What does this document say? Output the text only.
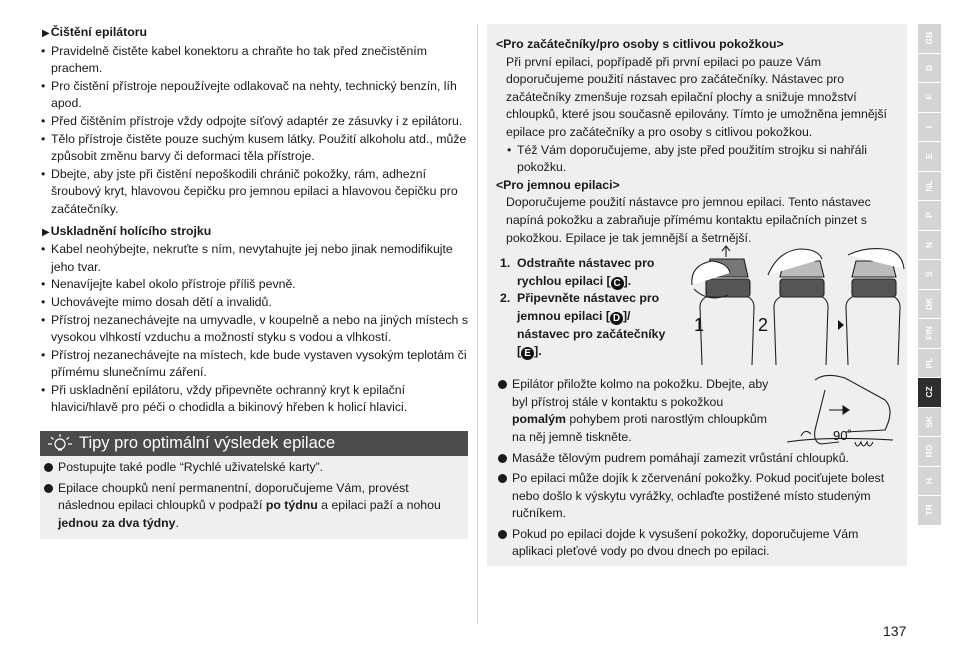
▶Čištění epilátoru
• Pravidelně čistěte kabel konektoru a chraňte ho tak před znečistěním prachem.
• Pro čistění přístroje nepoužívejte odlakovač na nehty, technický benzín, líh apod.
• Před čištěním přístroje vždy odpojte síťový adaptér ze zásuvky i z epilátoru.
• Tělo přístroje čistěte pouze suchým kusem látky. Použití alkoholu atd., může způsobit změnu barvy či deformaci těla přístroje.
• Dbejte, aby jste při čistění nepoškodili chránič pokožky, rám, adhezní šroubový kryt, hlavovou čepičku pro jemnou epilaci a hlavovou čepičku pro začátečníky.
▶Uskladnění holícího strojku
• Kabel neohýbejte, nekruťte s ním, nevytahujte jej nebo jinak nemodifikujte jeho tvar.
• Nenavíjejte kabel okolo přístroje příliš pevně.
• Uchovávejte mimo dosah dětí a invalidů.
• Přístroj nezanechávejte na umyvadle, v koupelně a nebo na jiných místech s vysokou vlhkostí vzduchu a možností styku s vodou a vlhkostí.
• Přístroj nezanechávejte na místech, kde bude vystaven vysokým teplotám či přímému slunečnímu záření.
• Při uskladnění epilátoru, vždy připevněte ochranný kryt k epilační hlavici/hlavě pro péči o chodidla a bikinový hřeben k holicí hlavici.
Tipy pro optimální výsledek epilace
Postupujte také podle “Rychlé uživatelské karty”.
Epilace choupků není permanentní, doporučujeme Vám, provést následnou epilaci chloupků v podpaží po týdnu a epilaci paží a nohou jednou za dva týdny.

<Pro začátečníky/pro osoby s citlivou pokožkou>

Při první epilaci, popřípadě při první epilaci po pauze Vám doporučujeme použití nástavec pro začátečníky. Nástavec pro začátečníky zmenšuje rozsah epilační plochy a snižuje množství chloupků, které jsou současně epilovány. Tímto je umožněna jemnější epilace pro začátečníky a pro osoby s citlivou pokožkou.

• Též Vám doporučujeme, aby jste před použitím strojku si nahřáli pokožku.

<Pro jemnou epilaci>

Doporučujeme použití nástavce pro jemnou epilaci. Tento nástavec napíná pokožku a zabraňuje přímému kontaktu epilačních pinzet s pokožkou. Epilace je tak jemnější a šetrnější.

1. Odstraňte nástavec pro rychlou epilaci [ C ].
2. Připevněte nástavec pro jemnou epilaci [ D ]/ nástavec pro začátečníky [ E ].
1	2
Epilátor přiložte kolmo na pokožku. Dbejte, aby byl přístroj stále v kontaktu s pokožkou pomalým pohybem proti narostlým chloupkům na něj jemně tiskněte.	90˚
Masáže tělovým pudrem pomáhají zamezit vrůstání chloupků.
Po epilaci může dojík k zčervenání pokožky. Pokud pociťujete bolest nebo došlo k výskytu vyrážky, ochlaďte postižené místo studeným ručníkem.
Pokud po epilaci dojde k vysušení pokožky, doporučujeme Vám aplikaci pleťové vody po dvou dnech po epilaci.
GB
D
F
I
E
NL
P
N
S
DK
FIN
PL
CZ
SK
RO
H
TR
137
